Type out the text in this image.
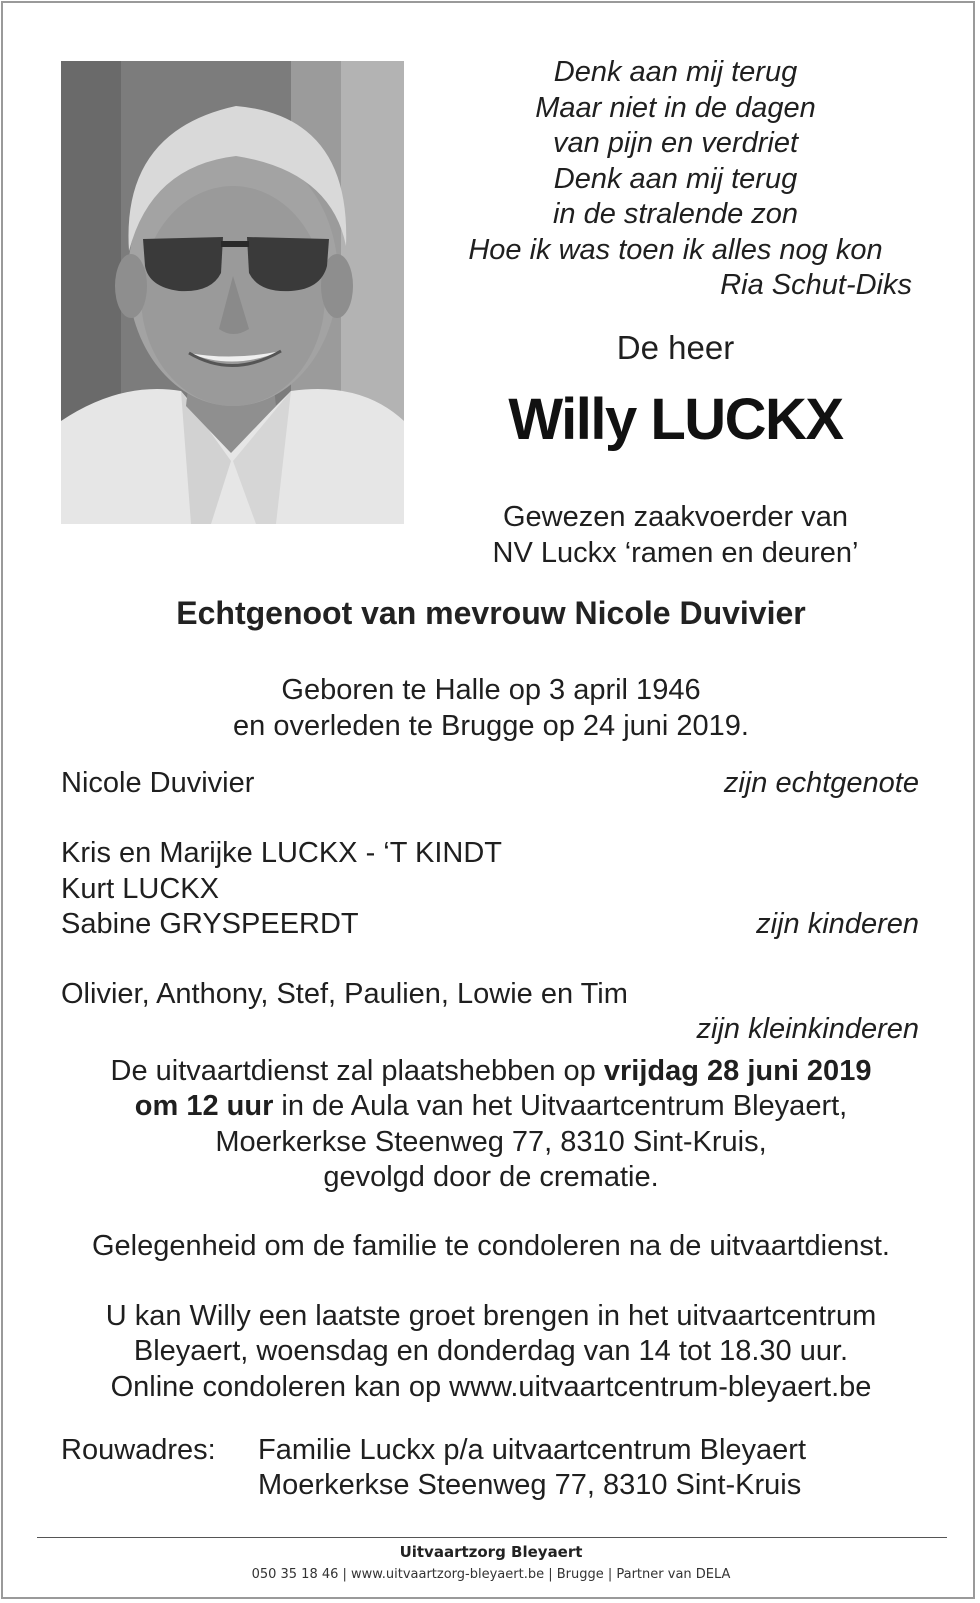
Denk aan mij terug
Maar niet in de dagen
van pijn en verdriet
Denk aan mij terug
in de stralende zon
Hoe ik was toen ik alles nog kon
Ria Schut-Diks
De heer
Willy LUCKX
Gewezen zaakvoerder van
NV Luckx ‘ramen en deuren’
Echtgenoot van mevrouw Nicole Duvivier
Geboren te Halle op 3 april 1946
en overleden te Brugge op 24 juni 2019.
Nicole Duvivier	zijn echtgenote
Kris en Marijke LUCKX - ‘T KINDT
Kurt LUCKX
Sabine GRYSPEERDT	zijn kinderen
Olivier, Anthony, Stef, Paulien, Lowie en Tim
zijn kleinkinderen
De uitvaartdienst zal plaatshebben op vrijdag 28 juni 2019
om 12 uur in de Aula van het Uitvaartcentrum Bleyaert,
Moerkerkse Steenweg 77, 8310 Sint-Kruis,
gevolgd door de crematie.
Gelegenheid om de familie te condoleren na de uitvaartdienst.
U kan Willy een laatste groet brengen in het uitvaartcentrum
Bleyaert, woensdag en donderdag van 14 tot 18.30 uur.
Online condoleren kan op www.uitvaartcentrum-bleyaert.be
Rouwadres: Familie Luckx p/a uitvaartcentrum Bleyaert
Moerkerkse Steenweg 77, 8310 Sint-Kruis
Uitvaartzorg Bleyaert
050 35 18 46 | www.uitvaartzorg-bleyaert.be | Brugge | Partner van DELA
